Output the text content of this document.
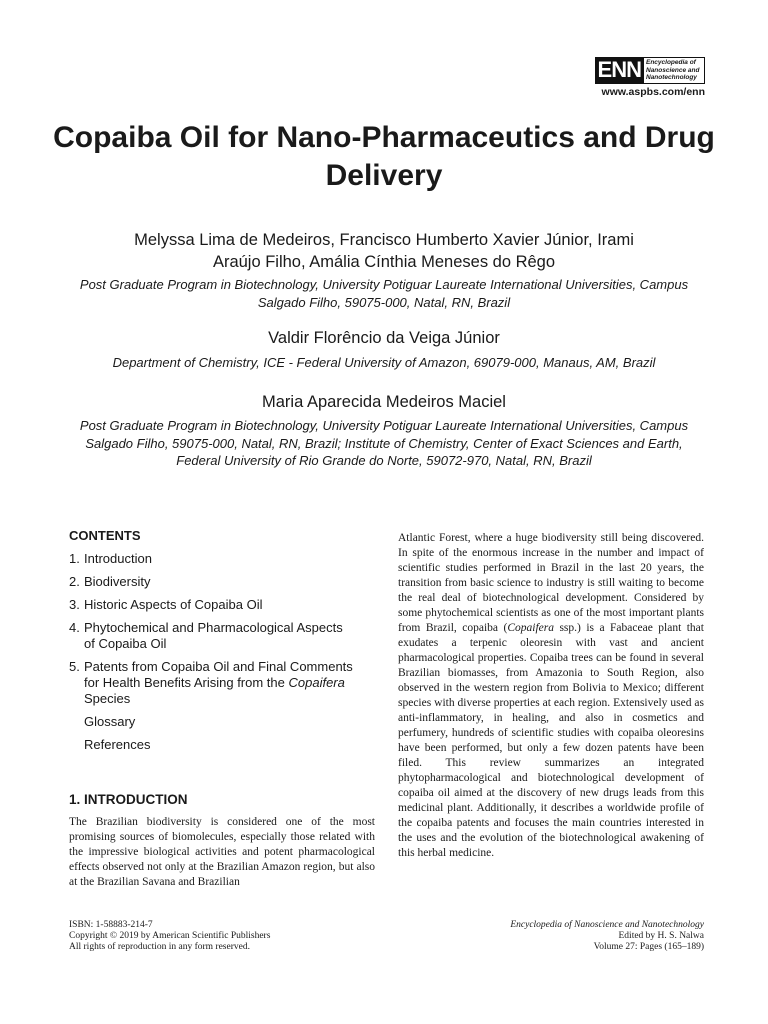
ENN Encyclopedia of Nanoscience and Nanotechnology
www.aspbs.com/enn
Copaiba Oil for Nano-Pharmaceutics and Drug Delivery

Melyssa Lima de Medeiros, Francisco Humberto Xavier Júnior, Irami Araújo Filho, Amália Cínthia Meneses do Rêgo

Post Graduate Program in Biotechnology, University Potiguar Laureate International Universities, Campus Salgado Filho, 59075-000, Natal, RN, Brazil

Valdir Florêncio da Veiga Júnior

Department of Chemistry, ICE - Federal University of Amazon, 69079-000, Manaus, AM, Brazil

Maria Aparecida Medeiros Maciel

Post Graduate Program in Biotechnology, University Potiguar Laureate International Universities, Campus Salgado Filho, 59075-000, Natal, RN, Brazil; Institute of Chemistry, Center of Exact Sciences and Earth, Federal University of Rio Grande do Norte, 59072-970, Natal, RN, Brazil

CONTENTS
1. Introduction
2. Biodiversity
3. Historic Aspects of Copaiba Oil
4. Phytochemical and Pharmacological Aspects of Copaiba Oil
5. Patents from Copaiba Oil and Final Comments for Health Benefits Arising from the Copaifera Species
Glossary
References
1. INTRODUCTION

The Brazilian biodiversity is considered one of the most promising sources of biomolecules, especially those related with the impressive biological activities and potent pharmacological effects observed not only at the Brazilian Amazon region, but also at the Brazilian Savana and Brazilian

Atlantic Forest, where a huge biodiversity still being discovered. In spite of the enormous increase in the number and impact of scientific studies performed in Brazil in the last 20 years, the transition from basic science to industry is still waiting to become the real deal of biotechnological development. Considered by some phytochemical scientists as one of the most important plants from Brazil, copaiba (Copaifera ssp.) is a Fabaceae plant that exudates a terpenic oleoresin with vast and ancient pharmacological properties. Copaiba trees can be found in several Brazilian biomasses, from Amazonia to South Region, also observed in the western region from Bolivia to Mexico; different species with diverse properties at each region. Extensively used as anti-inflammatory, in healing, and also in cosmetics and perfumery, hundreds of scientific studies with copaiba oleoresins have been performed, but only a few dozen patents have been filed. This review summarizes an integrated phytopharmacological and biotechnological development of copaiba oil aimed at the discovery of new drugs leads from this medicinal plant. Additionally, it describes a worldwide profile of the copaiba patents and focuses the main countries interested in the uses and the evolution of the biotechnological awakening of this herbal medicine.

ISBN: 1-58883-214-7
Copyright © 2019 by American Scientific Publishers
All rights of reproduction in any form reserved.
Encyclopedia of Nanoscience and Nanotechnology
Edited by H. S. Nalwa
Volume 27: Pages (165–189)
